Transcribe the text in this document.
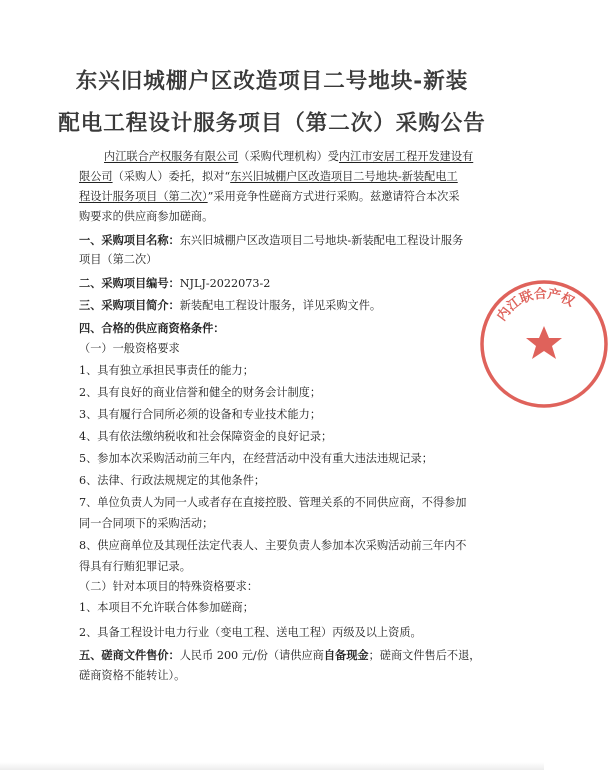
东兴旧城棚户区改造项目二号地块-新装
配电工程设计服务项目（第二次）采购公告
内江联合产权服务有限公司（采购代理机构）受内江市安居工程开发建设有
限公司（采购人）委托，拟对“东兴旧城棚户区改造项目二号地块-新装配电工
程设计服务项目（第二次）”采用竞争性磋商方式进行采购。兹邀请符合本次采
购要求的供应商参加磋商。
一、采购项目名称：东兴旧城棚户区改造项目二号地块-新装配电工程设计服务
项目（第二次）
二、采购项目编号：NJLJ-2022073-2
三、采购项目简介：新装配电工程设计服务，详见采购文件。
四、合格的供应商资格条件：
（一）一般资格要求
1、具有独立承担民事责任的能力；
2、具有良好的商业信誉和健全的财务会计制度；
3、具有履行合同所必须的设备和专业技术能力；
4、具有依法缴纳税收和社会保障资金的良好记录；
5、参加本次采购活动前三年内，在经营活动中没有重大违法违规记录；
6、法律、行政法规规定的其他条件；
7、单位负责人为同一人或者存在直接控股、管理关系的不同供应商，不得参加
同一合同项下的采购活动；
8、供应商单位及其现任法定代表人、主要负责人参加本次采购活动前三年内不
得具有行贿犯罪记录。
（二）针对本项目的特殊资格要求：
1、本项目不允许联合体参加磋商；
2、具备工程设计电力行业（变电工程、送电工程）丙级及以上资质。
五、磋商文件售价：人民币 200 元/份（请供应商自备现金；磋商文件售后不退，
磋商资格不能转让）。
内江联合产权
